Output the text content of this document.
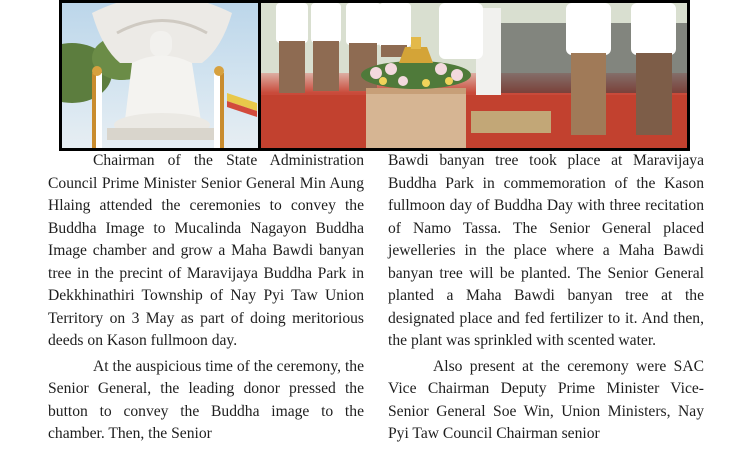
Chairman of the State Administration Council Prime Minister Senior General Min Aung Hlaing attended the ceremonies to convey the Buddha Image to Mucalinda Nagayon Buddha Image chamber and grow a Maha Bawdi banyan tree in the precint of Maravijaya Buddha Park in Dekkhinathiri Township of Nay Pyi Taw Union Territory on 3 May as part of doing meritorious deeds on Kason fullmoon day.

At the auspicious time of the ceremony, the Senior General, the leading donor pressed the button to convey the Buddha image to the chamber. Then, the Senior

Bawdi banyan tree took place at Maravijaya Buddha Park in commemoration of the Kason fullmoon day of Buddha Day with three recitation of Namo Tassa. The Senior General placed jewelleries in the place where a Maha Bawdi banyan tree will be planted. The Senior General planted a Maha Bawdi banyan tree at the designated place and fed fertilizer to it. And then, the plant was sprinkled with scented water.

Also present at the ceremony were SAC Vice Chairman Deputy Prime Minister Vice-Senior General Soe Win, Union Ministers, Nay Pyi Taw Council Chairman senior
